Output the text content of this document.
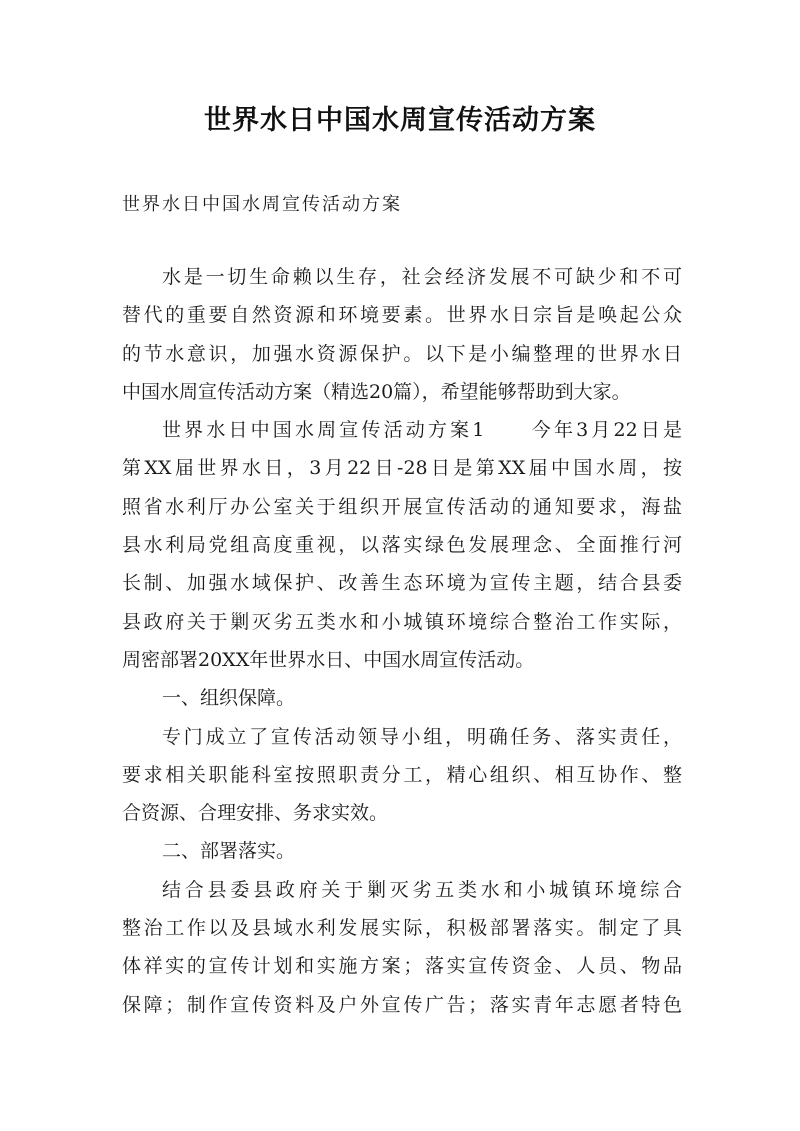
世界水日中国水周宣传活动方案

世界水日中国水周宣传活动方案

水是一切生命赖以生存，社会经济发展不可缺少和不可
替代的重要自然资源和环境要素。世界水日宗旨是唤起公众
的节水意识，加强水资源保护。以下是小编整理的世界水日
中国水周宣传活动方案（精选20篇），希望能够帮助到大家。
世界水日中国水周宣传活动方案1　　今年3月22日是
第XX届世界水日，3月22日-28日是第XX届中国水周，按
照省水利厅办公室关于组织开展宣传活动的通知要求，海盐
县水利局党组高度重视，以落实绿色发展理念、全面推行河
长制、加强水域保护、改善生态环境为宣传主题，结合县委
县政府关于剿灭劣五类水和小城镇环境综合整治工作实际，
周密部署20XX年世界水日、中国水周宣传活动。
一、组织保障。
专门成立了宣传活动领导小组，明确任务、落实责任，
要求相关职能科室按照职责分工，精心组织、相互协作、整
合资源、合理安排、务求实效。
二、部署落实。
结合县委县政府关于剿灭劣五类水和小城镇环境综合
整治工作以及县域水利发展实际，积极部署落实。制定了具
体祥实的宣传计划和实施方案；落实宣传资金、人员、物品
保障；制作宣传资料及户外宣传广告；落实青年志愿者特色
